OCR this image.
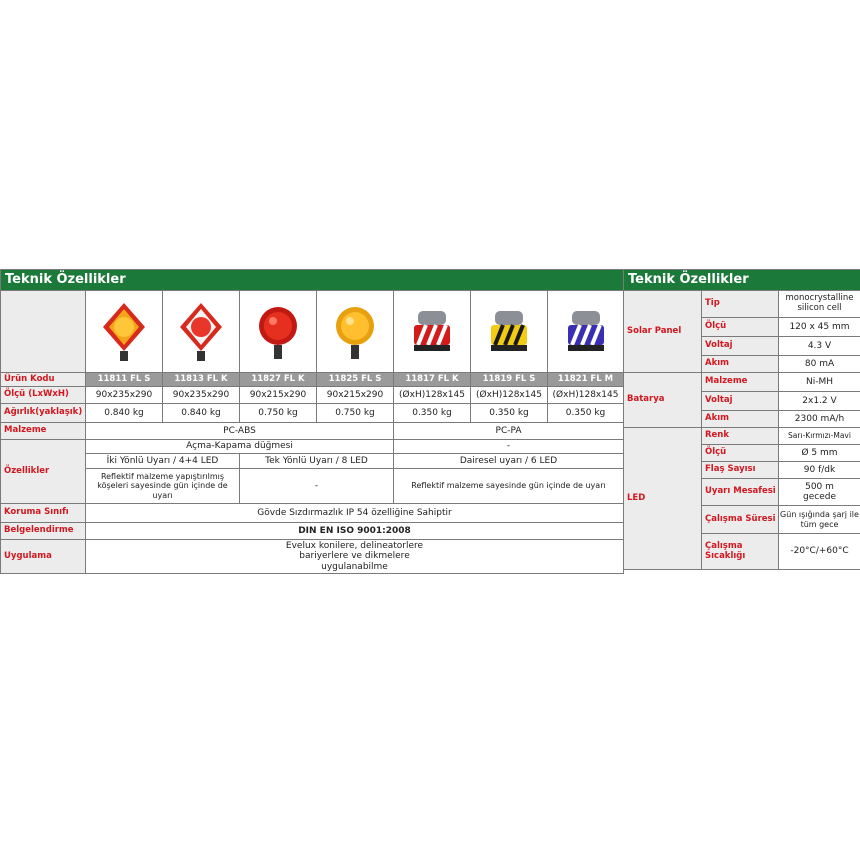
Teknik Özellikler							

Ürün Kodu	11811 FL S	11813 FL K	11827 FL K	11825 FL S	11817 FL K	11819 FL S	11821 FL M
Ölçü (LxWxH)	90x235x290	90x235x290	90x215x290	90x215x290	(ØxH)128x145	(ØxH)128x145	(ØxH)128x145
Ağırlık(yaklaşık)	0.840 kg	0.840 kg	0.750 kg	0.750 kg	0.350 kg	0.350 kg	0.350 kg
Malzeme	PC-ABS				PC-PA		
Özellikler	Açma-Kapama düğmesi				-		
	İki Yönlü Uyarı / 4+4 LED		Tek Yönlü Uyarı / 8 LED		Dairesel uyarı / 6 LED		
	Reflektif malzeme yapıştırılmış köşeleri sayesinde gün içinde de uyarı		-		Reflektif malzeme sayesinde gün içinde de uyarı		
Koruma Sınıfı	Gövde Sızdırmazlık IP 54 özelliğine Sahiptir						
Belgelendirme	DIN EN ISO 9001:2008						
Uygulama	Evelux konilere, delineatorlere bariyerlere ve dikmelere uygulanabilme						
Teknik Özellikler		
Solar Panel	Tip	monocrystalline silicon cell
	Ölçü	120 x 45 mm
	Voltaj	4.3 V
	Akım	80 mA
Batarya	Malzeme	Ni-MH
	Voltaj	2x1.2 V
	Akım	2300 mA/h
LED	Renk	Sarı-Kırmızı-Mavi
	Ölçü	Ø 5 mm
	Flaş Sayısı	90 f/dk
	Uyarı Mesafesi	500 m gecede
	Çalışma Süresi	Gün ışığında şarj ile tüm gece
	Çalışma Sıcaklığı	-20°C/+60°C
